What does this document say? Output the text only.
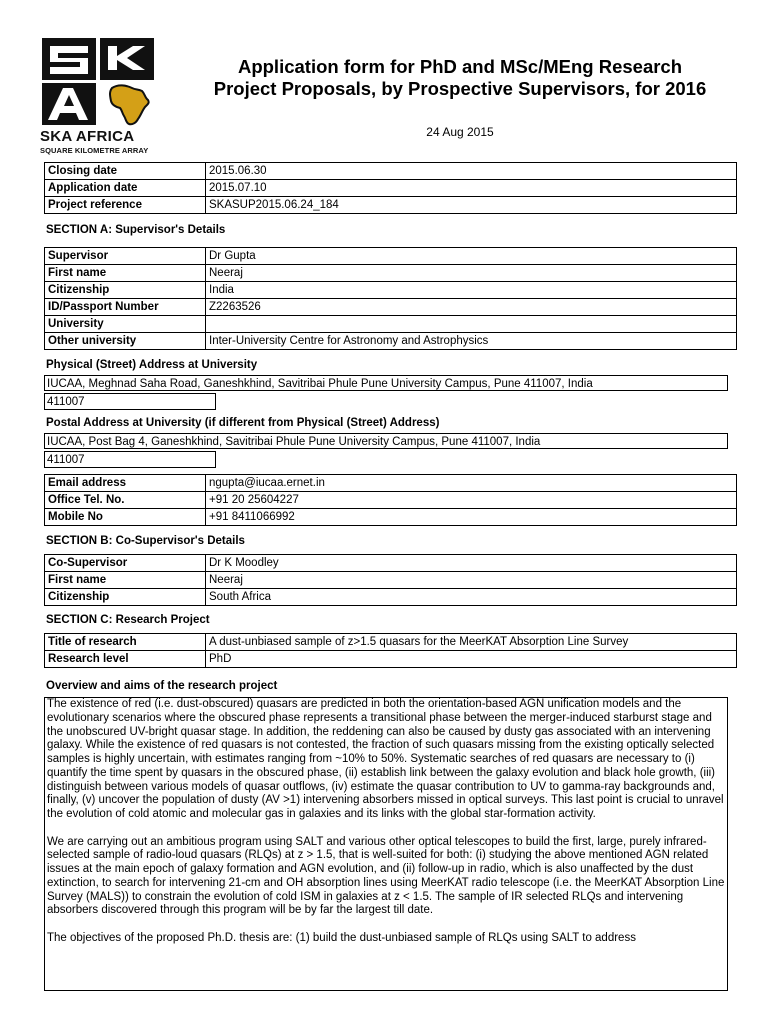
SKA AFRICA
SQUARE KILOMETRE ARRAY
Application form for PhD and MSc/MEng Research
Project Proposals, by Prospective Supervisors, for 2016
24 Aug 2015
Closing date	2015.06.30
Application date	2015.07.10
Project reference	SKASUP2015.06.24_184
SECTION A: Supervisor's Details
Supervisor	Dr Gupta
First name	Neeraj
Citizenship	India
ID/Passport Number	Z2263526
University	
Other university	Inter-University Centre for Astronomy and Astrophysics
Physical (Street) Address at University
IUCAA, Meghnad Saha Road, Ganeshkhind, Savitribai Phule Pune University Campus, Pune 411007, India
411007
Postal Address at University (if different from Physical (Street) Address)
IUCAA, Post Bag 4, Ganeshkhind, Savitribai Phule Pune University Campus, Pune 411007, India
411007
Email address	ngupta@iucaa.ernet.in
Office Tel. No.	+91 20 25604227
Mobile No	+91 8411066992
SECTION B: Co-Supervisor's Details
Co-Supervisor	Dr K Moodley
First name	Neeraj
Citizenship	South Africa
SECTION C: Research Project
Title of research	A dust-unbiased sample of z>1.5 quasars for the MeerKAT Absorption Line Survey
Research level	PhD
Overview and aims of the research project

The existence of red (i.e. dust-obscured) quasars are predicted in both the orientation-based AGN unification models and the evolutionary scenarios where the obscured phase represents a transitional phase between the merger-induced starburst stage and the unobscured UV-bright quasar stage. In addition, the reddening can also be caused by dusty gas associated with an intervening galaxy. While the existence of red quasars is not contested, the fraction of such quasars missing from the existing optically selected samples is highly uncertain, with estimates ranging from ~10% to 50%. Systematic searches of red quasars are necessary to (i) quantify the time spent by quasars in the obscured phase, (ii) establish link between the galaxy evolution and black hole growth, (iii) distinguish between various models of quasar outflows, (iv) estimate the quasar contribution to UV to gamma-ray backgrounds and, finally, (v) uncover the population of dusty (AV >1) intervening absorbers missed in optical surveys. This last point is crucial to unravel the evolution of cold atomic and molecular gas in galaxies and its links with the global star-formation activity.

We are carrying out an ambitious program using SALT and various other optical telescopes to build the first, large, purely infrared-selected sample of radio-loud quasars (RLQs) at z > 1.5, that is well-suited for both: (i) studying the above mentioned AGN related issues at the main epoch of galaxy formation and AGN evolution, and (ii) follow-up in radio, which is also unaffected by the dust extinction, to search for intervening 21-cm and OH absorption lines using MeerKAT radio telescope (i.e. the MeerKAT Absorption Line Survey (MALS)) to constrain the evolution of cold ISM in galaxies at z < 1.5. The sample of IR selected RLQs and intervening absorbers discovered through this program will be by far the largest till date.

The objectives of the proposed Ph.D. thesis are: (1) build the dust-unbiased sample of RLQs using SALT to address
